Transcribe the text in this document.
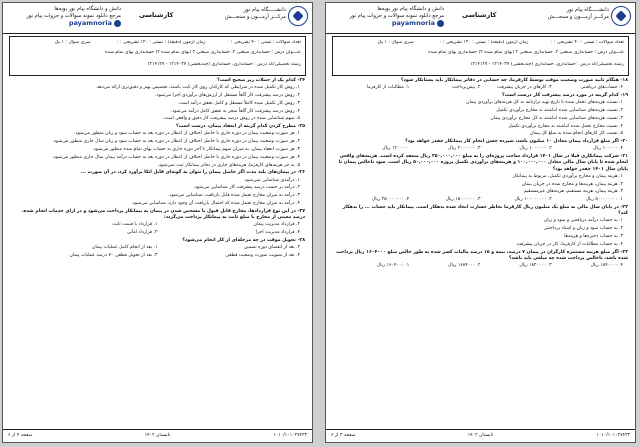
دانش و دانشگاه پیام نور پویه‌ها
مرجع دانلود نمونه سوالات و جزوات پیام نور
payamnoria
کارشناسی
دانشـــــگاه پیام نور
مرکـــز آزمـــون و سنجـــش
تعداد سوالات : تستی : ۴۰ تشریحی : ۰ زمان آزمون (دقیقه) : تستی : ۱۲۰ تشریحی : ۰ سری سوال : ۱ یک
عنـــوان درس : حسابداری صنعتی ۲، حسابداری صنعتی ۲ (بهای تمام شده ۲) حسابداری بهای تمام شده
رشته تحصیلی/کد درس : حسابداری، حسابداری (چندبخشی) ۱۲۱۴۰۳۷ - ۱۲۱۴۱۲۷
۲۴- کدام یک از جملات زیر صحیح است؟
۱. روش کار تکمیل شده در شرایطی که کارکنان روی کار ثابت باشند، تخصیص بهتر و دقیق‌تری ارائه می‌دهد.
۲. روش درصد پیشرفت کار گاهاً مستقل از ارزش‌های برآوردی اجرا می‌شود.
۳. روش کار تکمیل شده کاملاً مستقل و کامل تحقق درآمد است.
۴. روش درصد پیشرفت کار گاهاً منجر به تحقق کامل درآمد می‌شود.
۵. سهم شناسایی شده در روش درصد پیشرفت کار دقیق و واقعی است.
۲۵- مطرح کردن کدام گزینه از انعقاد پیمان، درست است؟
۱. هر صورت وضعیت پیمان در دوره جاری با حاصل اختلاف از انتظار در دوره بعد به حساب سود و زیان منظور می‌شود.
۲. هر صورت وضعیت پیمان در دوره جاری با حاصل اختلاف از انتظار در دوره بعد به حساب سود و زیان سال جاری منظور می‌شود.
۳. هر صورت انعقاد پیمان، به میزان سهم پیمانکار تا آخر دوره جاری به حساب بهای تمام شده منظور می‌شود.
۴. هر صورت وضعیت پیمان در دوره جاری با حاصل اختلاف از انتظار در دوره بعد به حساب درآمد پیمان سال جاری منظور می‌شود.
۵. به جز هزینه‌های کارفرما، هزینه‌های جاری در دفاتر پیمانکار ثبت نمی‌شود.
۲۶- در پیمان‌های بلند مدت اگر حاصل پیمان را نتوان به گونه‌ای قابل اتکا برآورد کرد، در آن صورت ...
۱. درآمدی شناسایی نمی‌شود.
۲. درآمد بر حسب درصد پیشرفت کار شناسایی می‌شود.
۳. درآمد به میزان مخارج تحمل شده قابل بازیافت، شناسایی می‌شود.
۴. درآمد به میزان مخارج تحمل شده که احتمال بازیافت آن وجود دارد، شناسایی می‌شود.
۲۷- در این نوع قراردادها، مخارج قابل قبول با مشخص شدن در پیمان به پیمانکار پرداخت می‌شود و در ازای خدمات انجام شده، درصد معینی از مخارج یا مبلغ ثابت به پیمانکار پرداخت می‌گردد:
۱. قرارداد با قیمت ثابت	۲. قرارداد مدیریت پیمان
۳. قرارداد امانی	۴. قرارداد مدیریت اجرا
۲۸- تحویل موقت در چه مرحله‌ای از کار انجام می‌شود؟
۱. بعد از انجام کامل عملیات پیمان	۲. بعد از انقضای دوره تضمین
۳. بعد از تحویل قطعی ۷۰ درصد عملیات پیمان	۴. بعد از تصویب صورت وضعیت قطعی
صفحه ۴ از ۶	تابستان ۱۴۰۲	۱۰۱۰/۱۰۱۰۲۷۴۲۳
دانش و دانشگاه پیام نور پویه‌ها
مرجع دانلود نمونه سوالات و جزوات پیام نور
payamnoria
کارشناسی
دانشـــــگاه پیام نور
مرکـــز آزمـــون و سنجـــش
تعداد سوالات : تستی : ۴۰ تشریحی : ۰ زمان آزمون (دقیقه) : تستی : ۱۲۰ تشریحی : ۰ سری سوال : ۱ یک
عنـــوان درس : حسابداری صنعتی ۲، حسابداری صنعتی ۲ (بهای تمام شده ۲) حسابداری بهای تمام شده
رشته تحصیلی/کد درس : حسابداری، حسابداری (چندبخشی) ۱۲۱۴۰۳۷ - ۱۲۱۴۱۲۷
۱۸- هنگام تایید صورت وضعیت موقت توسط کارفرما، چه حسابی در دفاتر پیمانکار باید بستانکار شود؟
۱. مطالبات از کارفرما	۲. پیش‌پرداخت	۳. کارهای در جریان پیشرفت	۴. حساب‌های دریافتنی
۱۹- کدام گزینه در مورد درصد پیشرفت کار درست است؟
۱. نسبت هزینه‌های تحمل شده تا تاریخ تهیه ترازنامه به کل هزینه‌های برآوردی پیمان
۲. نسبت هزینه‌های شناسایی شده انباشته به مخارج برآوردی تکمیل
۳. نسبت هزینه‌های شناسایی شده انباشته به کل مخارج برآوردی پیمان
۴. نسبت مخارج تحمل شده انباشته به مخارج برآوردی تکمیل
۵. نسبت کار کارهای انجام شده به مبلغ کل پیمان
۲۰- اگر مبلغ قرارداد پیمان معادل ۱۰ میلیون باشد، سپرده حسن انجام کار پیمانکار چقدر خواهد بود؟
۱۲۰۰۰۰۰ ریال	۳. ۲۰۰۰۰۰۰ ریال	۲. ۱۰۰۰۰۰۰ ریال	۴. ۱۰۰۰۰۰ ریال
۲۱- شرکت پیمانکاری فیلا در سال ۱۴۰۱ قرارداد ساخت پروژه‌ای را به مبلغ ۲۵۰,۰۰۰,۰۰۰ ریال منعقد کرده است. هزینه‌های واقعی انجام شده تا پایان سال مالی معادل ۱۰۰,۰۰۰,۰۰۰ و هزینه‌های برآوردی تکمیل پروژه ۵۰,۰۰۰,۰۰۰ ریال است. سود ناخالص پیمان تا پایان سال ۱۴۰۱ چقدر خواهد بود؟
۱. هزینه پیمان و مخارج برآوردی تکمیل، مربوط به پیمانکار
۲. هزینه پیمان، هزینه‌ها و مخارج شده در جریان پیمان
۳. هزینه پیمان، هزینه مستقیم، هزینه‌های غیرمستقیم
۴. ۲۵۰۰۰۰۰۰۰ ریال	۳. ۱۵۰۰۰۰۰۰ ریال	۲. ۱۰۰۰۰۰۰۰۰ ریال	۱. ۵۰۰۰۰۰۰۰۰ ریال
۲۲- در پایان سال مالی به مبلغ یک میلیون ریال کارفرما بخاطر خسارت ایجاد شده بدهکار است. پیمانکار باید حساب ... را بدهکار کند؟
۱. به حساب درآمد دریافتنی و سود و زیان
۲. به حساب سود و زیان و اسناد پرداختنی
۳. به حساب ذخیره‌ها و هزینه‌ها
۴. به حساب مطالبات از کارفرما، کار در جریان پیشرفت
۲۳- اگر مبلغ هزینه مستمره کارگران در پیمان ۷ درصد، بیمه و ۱۵ درصد مالیات کسر شده به طور خالص مبلغ ۱۶۰۴۰۰۰ ریال پرداخت شده باشد، ناخالص پرداخت شده چه مبلغی باید باشد؟
۱. ۱۶۰۴۰۰۰ ریال	۲. ۱۶۸۴۰۰۰ ریال	۳. ۱۸۲۰۰۰۰ ریال	۴. ۱۸۴۰۰۰۰ ریال
صفحه ۳ از ۶	تابستان ۱۴۰۲	۱۰۱۰/۱۰۱۰۲۷۴۲۳
